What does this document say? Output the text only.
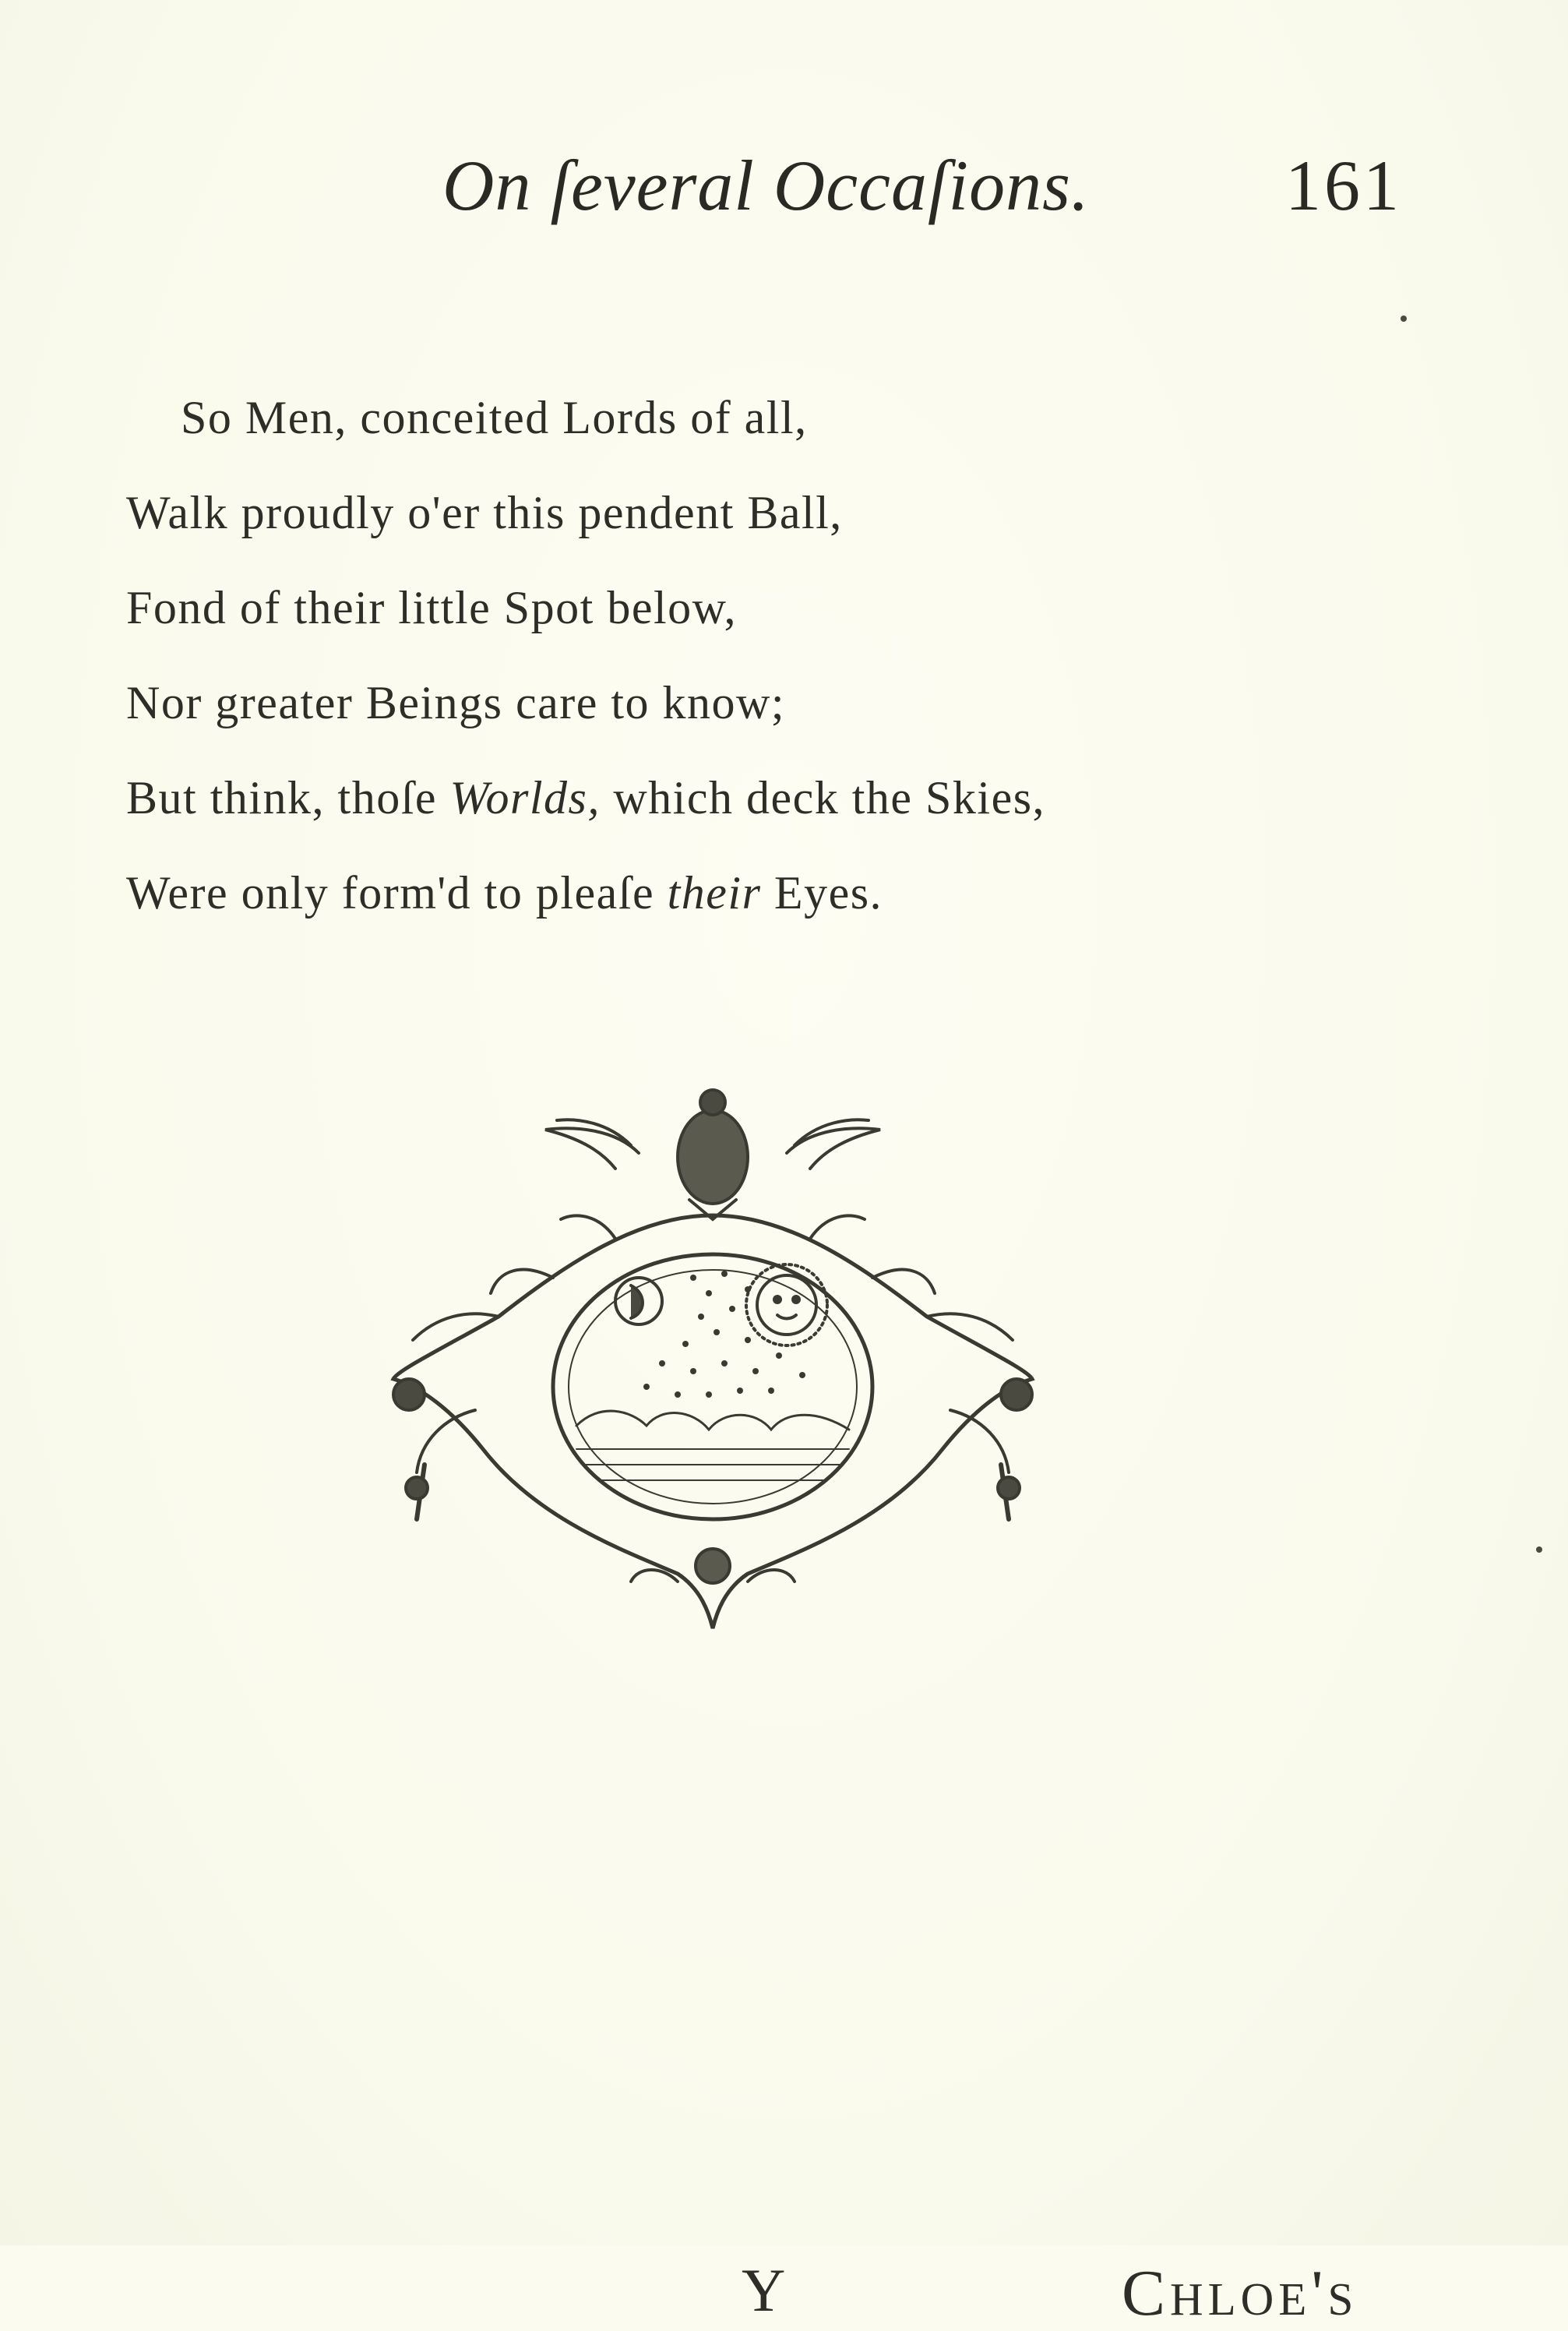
On ſeveral Occaſions.	161
So Men, conceited Lords of all,
Walk proudly o'er this pendent Ball,
Fond of their little Spot below,
Nor greater Beings care to know;
But think, thoſe Worlds, which deck the Skies,
Were only form'd to pleaſe their Eyes.
Y	Chloe's
